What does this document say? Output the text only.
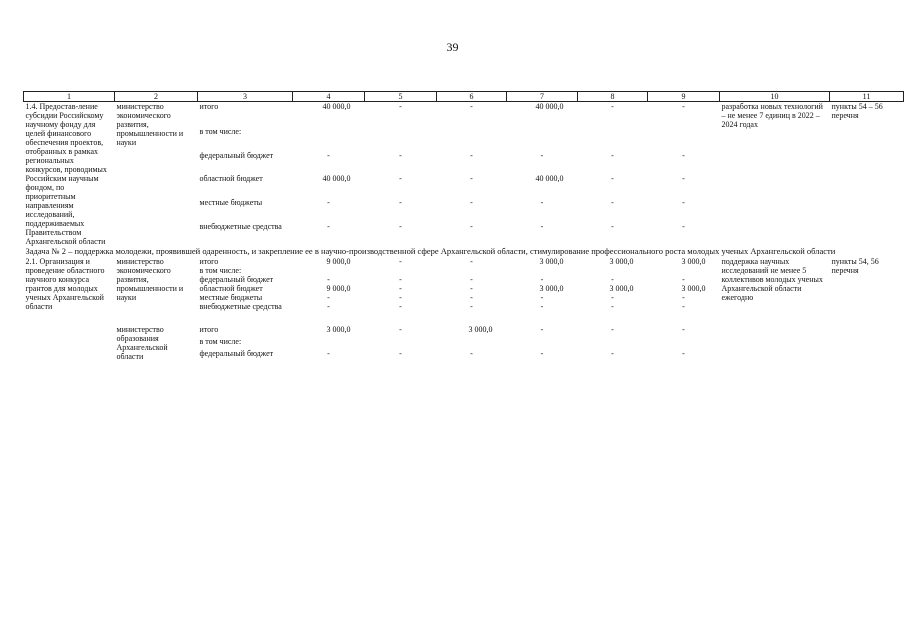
39
1	2	3	4	5	6	7	8	9	10	11
1.4. Предостав-ление субсидии Российскому научному фонду для целей финансового обеспечения проектов, отобранных в рамках региональных конкурсов, проводимых Российским научным фондом, по приоритетным направлениям исследований, поддерживаемых Правительством Архангельской области	министерство экономического развития, промышленности и науки	итого	40 000,0	-	-	40 000,0	-	-	разработка новых технологий – не менее 7 единиц в 2022 – 2024 годах	пункты 54 – 56 перечня
		в том числе:								
		федеральный бюджет	-	-	-	-	-	-		
		областной бюджет	40 000,0	-	-	40 000,0	-	-		
		местные бюджеты	-	-	-	-	-	-		
		внебюджетные средства	-	-	-	-	-	-		
Задача № 2 – поддержка молодежи, проявившей одаренность, и закрепление ее в научно-производственной сфере Архангельской области, стимулирование профессионального роста молодых ученых Архангельской области										
2.1. Организация и проведение областного научного конкурса грантов для молодых ученых Архангельской области	министерство экономического развития, промышленности и науки	итого	9 000,0	-	-	3 000,0	3 000,0	3 000,0	поддержка научных исследований не менее 5 коллективов молодых ученых Архангельской области ежегодно	пункты 54, 56 перечня
		в том числе:								
		федеральный бюджет	-	-	-	-	-	-		
		областной бюджет	9 000,0	-	-	3 000,0	3 000,0	3 000,0		
		местные бюджеты	-	-	-	-	-	-		
		внебюджетные средства	-	-	-	-	-	-		

	министерство образования Архангельской области	итого	3 000,0	-	3 000,0	-	-	-		
		в том числе:								
		федеральный бюджет	-	-	-	-	-	-		
